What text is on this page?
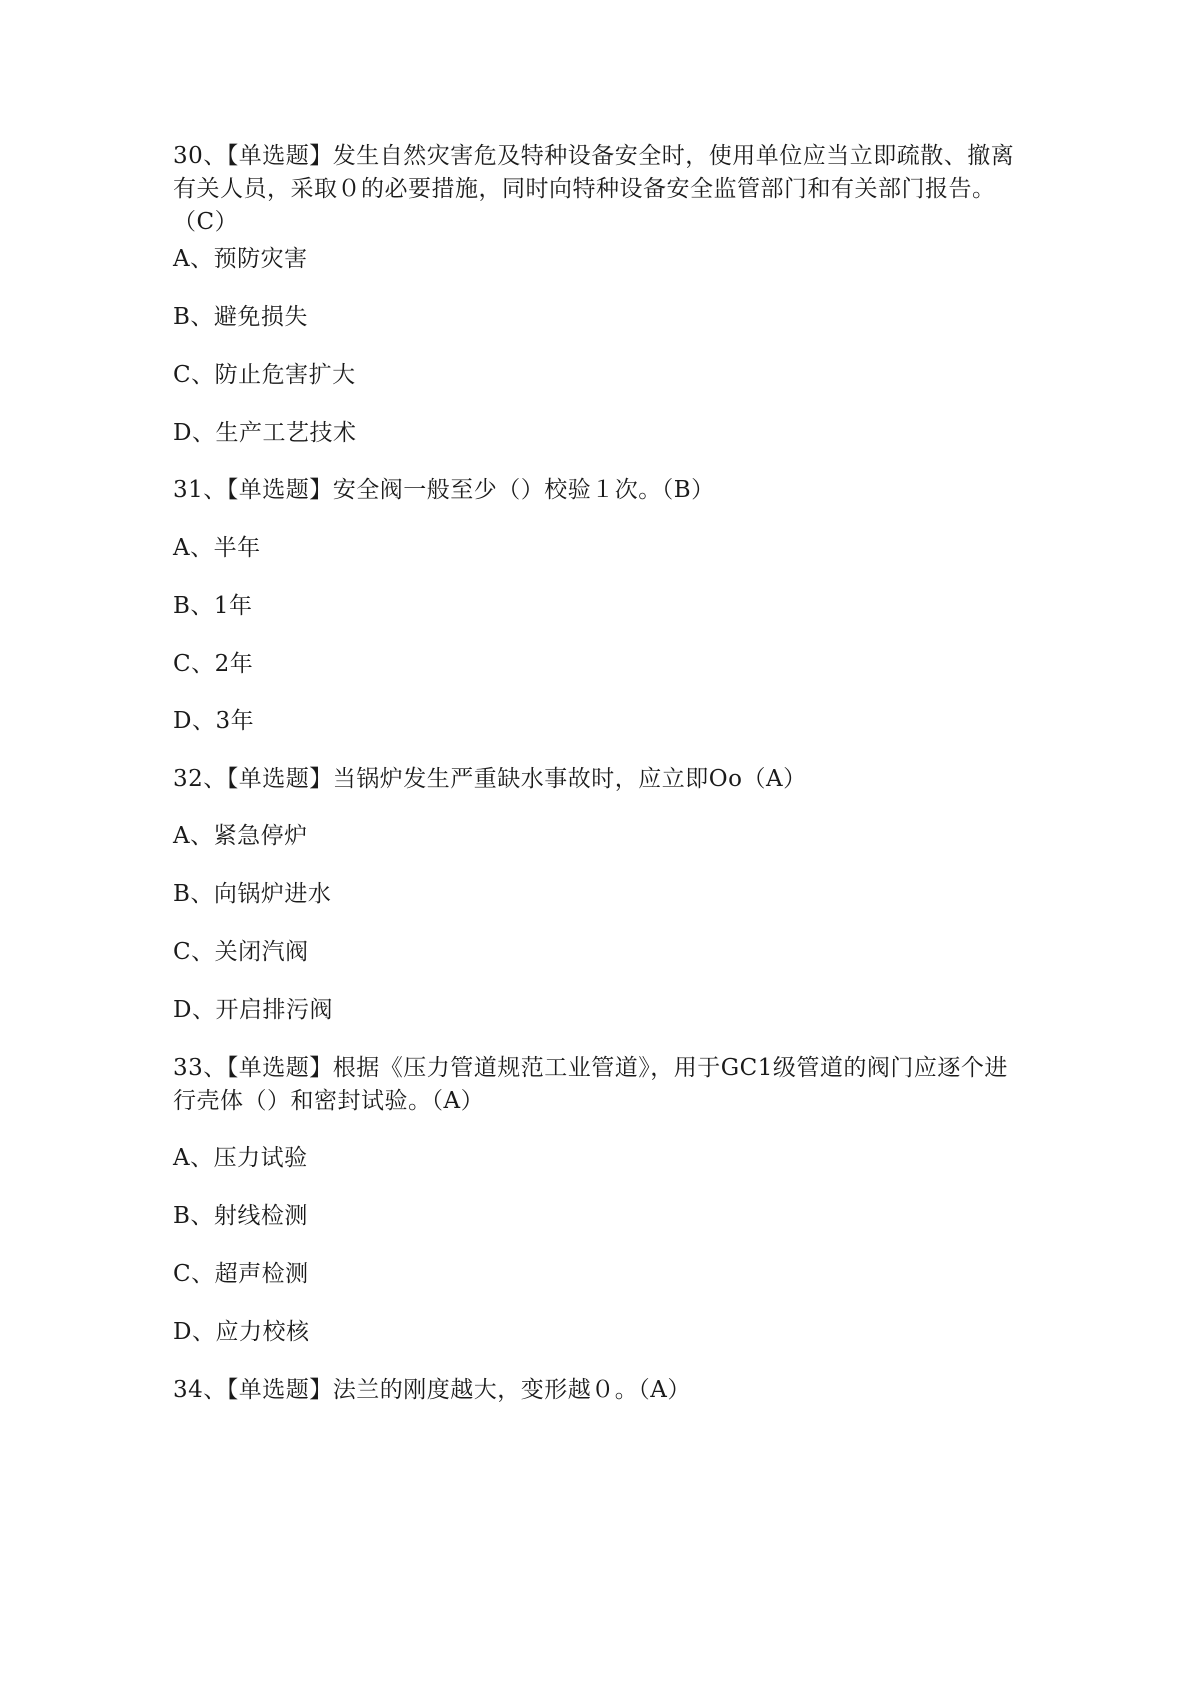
30、【单选题】发生自然灾害危及特种设备安全时，使用单位应当立即疏散、撤离有关人员，采取０的必要措施，同时向特种设备安全监管部门和有关部门报告。（C）
A、预防灾害
B、避免损失
C、防止危害扩大
D、生产工艺技术
31、【单选题】安全阀一般至少（）校验１次。（B）
A、半年
B、1年
C、2年
D、3年
32、【单选题】当锅炉发生严重缺水事故时，应立即Oo（A）
A、紧急停炉
B、向锅炉进水
C、关闭汽阀
D、开启排污阀
33、【单选题】根据《压力管道规范工业管道》，用于GC1级管道的阀门应逐个进行壳体（）和密封试验。（A）
A、压力试验
B、射线检测
C、超声检测
D、应力校核
34、【单选题】法兰的刚度越大，变形越０。（A）
